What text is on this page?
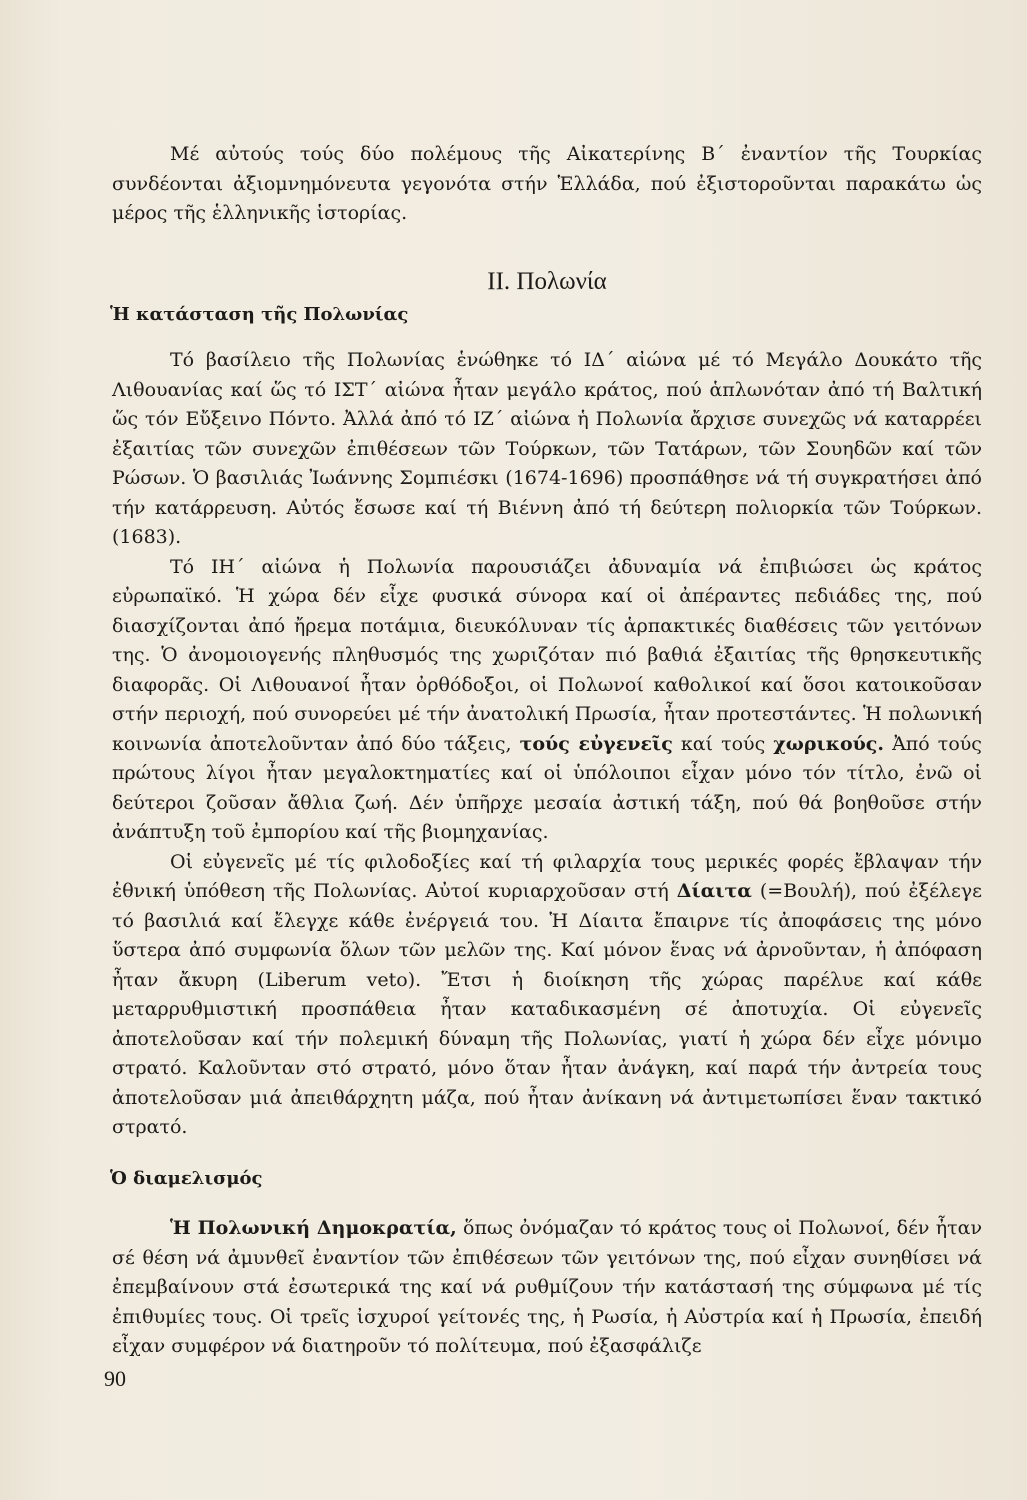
Μέ αὐτούς τούς δύο πολέμους τῆς Αἰκατερίνης Β΄ ἐναντίον τῆς Τουρκίας συνδέονται ἀξιομνημόνευτα γεγονότα στήν Ἑλλάδα, πού ἐξιστοροῦνται παρακάτω ὡς μέρος τῆς ἑλληνικῆς ἱστορίας.

ΙΙ. Πολωνία
Ἡ κατάσταση τῆς Πολωνίας

Τό βασίλειο τῆς Πολωνίας ἑνώθηκε τό ΙΔ΄ αἰώνα μέ τό Μεγάλο Δουκάτο τῆς Λιθουανίας καί ὥς τό ΙΣΤ΄ αἰώνα ἦταν μεγάλο κράτος, πού ἁπλωνόταν ἀπό τή Βαλτική ὥς τόν Εὔξεινο Πόντο. Ἀλλά ἀπό τό ΙΖ΄ αἰώνα ἡ Πολωνία ἄρχισε συνεχῶς νά καταρρέει ἐξαιτίας τῶν συνεχῶν ἐπιθέσεων τῶν Τούρκων, τῶν Τατάρων, τῶν Σουηδῶν καί τῶν Ρώσων. Ὁ βασιλιάς Ἰωάννης Σομπιέσκι (1674-1696) προσπάθησε νά τή συγκρατήσει ἀπό τήν κατάρρευση. Αὐτός ἔσωσε καί τή Βιέννη ἀπό τή δεύτερη πολιορκία τῶν Τούρκων. (1683).

Τό ΙΗ΄ αἰώνα ἡ Πολωνία παρουσιάζει ἀδυναμία νά ἐπιβιώσει ὡς κράτος εὐρωπαϊκό. Ἡ χώρα δέν εἶχε φυσικά σύνορα καί οἱ ἀπέραντες πεδιάδες της, πού διασχίζονται ἀπό ἤρεμα ποτάμια, διευκόλυναν τίς ἁρπακτικές διαθέσεις τῶν γειτόνων της. Ὁ ἀνομοιογενής πληθυσμός της χωριζόταν πιό βαθιά ἐξαιτίας τῆς θρησκευτικῆς διαφορᾶς. Οἱ Λιθουανοί ἦταν ὀρθόδοξοι, οἱ Πολωνοί καθολικοί καί ὅσοι κατοικοῦσαν στήν περιοχή, πού συνορεύει μέ τήν ἀνατολική Πρωσία, ἦταν προτεστάντες. Ἡ πολωνική κοινωνία ἀποτελοῦνταν ἀπό δύο τάξεις, τούς εὐγενεῖς καί τούς χωρικούς. Ἀπό τούς πρώτους λίγοι ἦταν μεγαλοκτηματίες καί οἱ ὑπόλοιποι εἶχαν μόνο τόν τίτλο, ἐνῶ οἱ δεύτεροι ζοῦσαν ἄθλια ζωή. Δέν ὑπῆρχε μεσαία ἀστική τάξη, πού θά βοηθοῦσε στήν ἀνάπτυξη τοῦ ἐμπορίου καί τῆς βιομηχανίας.

Οἱ εὐγενεῖς μέ τίς φιλοδοξίες καί τή φιλαρχία τους μερικές φορές ἔβλαψαν τήν ἐθνική ὑπόθεση τῆς Πολωνίας. Αὐτοί κυριαρχοῦσαν στή Δίαιτα (=Βουλή), πού ἐξέλεγε τό βασιλιά καί ἔλεγχε κάθε ἐνέργειά του. Ἡ Δίαιτα ἔπαιρνε τίς ἀποφάσεις της μόνο ὕστερα ἀπό συμφωνία ὅλων τῶν μελῶν της. Καί μόνον ἕνας νά ἀρνοῦνταν, ἡ ἀπόφαση ἦταν ἄκυρη (Liberum veto). Ἔτσι ἡ διοίκηση τῆς χώρας παρέλυε καί κάθε μεταρρυθμιστική προσπάθεια ἦταν καταδικασμένη σέ ἀποτυχία. Οἱ εὐγενεῖς ἀποτελοῦσαν καί τήν πολεμική δύναμη τῆς Πολωνίας, γιατί ἡ χώρα δέν εἶχε μόνιμο στρατό. Καλοῦνταν στό στρατό, μόνο ὅταν ἦταν ἀνάγκη, καί παρά τήν ἀντρεία τους ἀποτελοῦσαν μιά ἀπειθάρχητη μάζα, πού ἦταν ἀνίκανη νά ἀντιμετωπίσει ἕναν τακτικό στρατό.

Ὁ διαμελισμός

Ἡ Πολωνική Δημοκρατία, ὅπως ὀνόμαζαν τό κράτος τους οἱ Πολωνοί, δέν ἦταν σέ θέση νά ἀμυνθεῖ ἐναντίον τῶν ἐπιθέσεων τῶν γειτόνων της, πού εἶχαν συνηθίσει νά ἐπεμβαίνουν στά ἐσωτερικά της καί νά ρυθμίζουν τήν κατάστασή της σύμφωνα μέ τίς ἐπιθυμίες τους. Οἱ τρεῖς ἰσχυροί γείτονές της, ἡ Ρωσία, ἡ Αὐστρία καί ἡ Πρωσία, ἐπειδή εἶχαν συμφέρον νά διατηροῦν τό πολίτευμα, πού ἐξασφάλιζε

90
